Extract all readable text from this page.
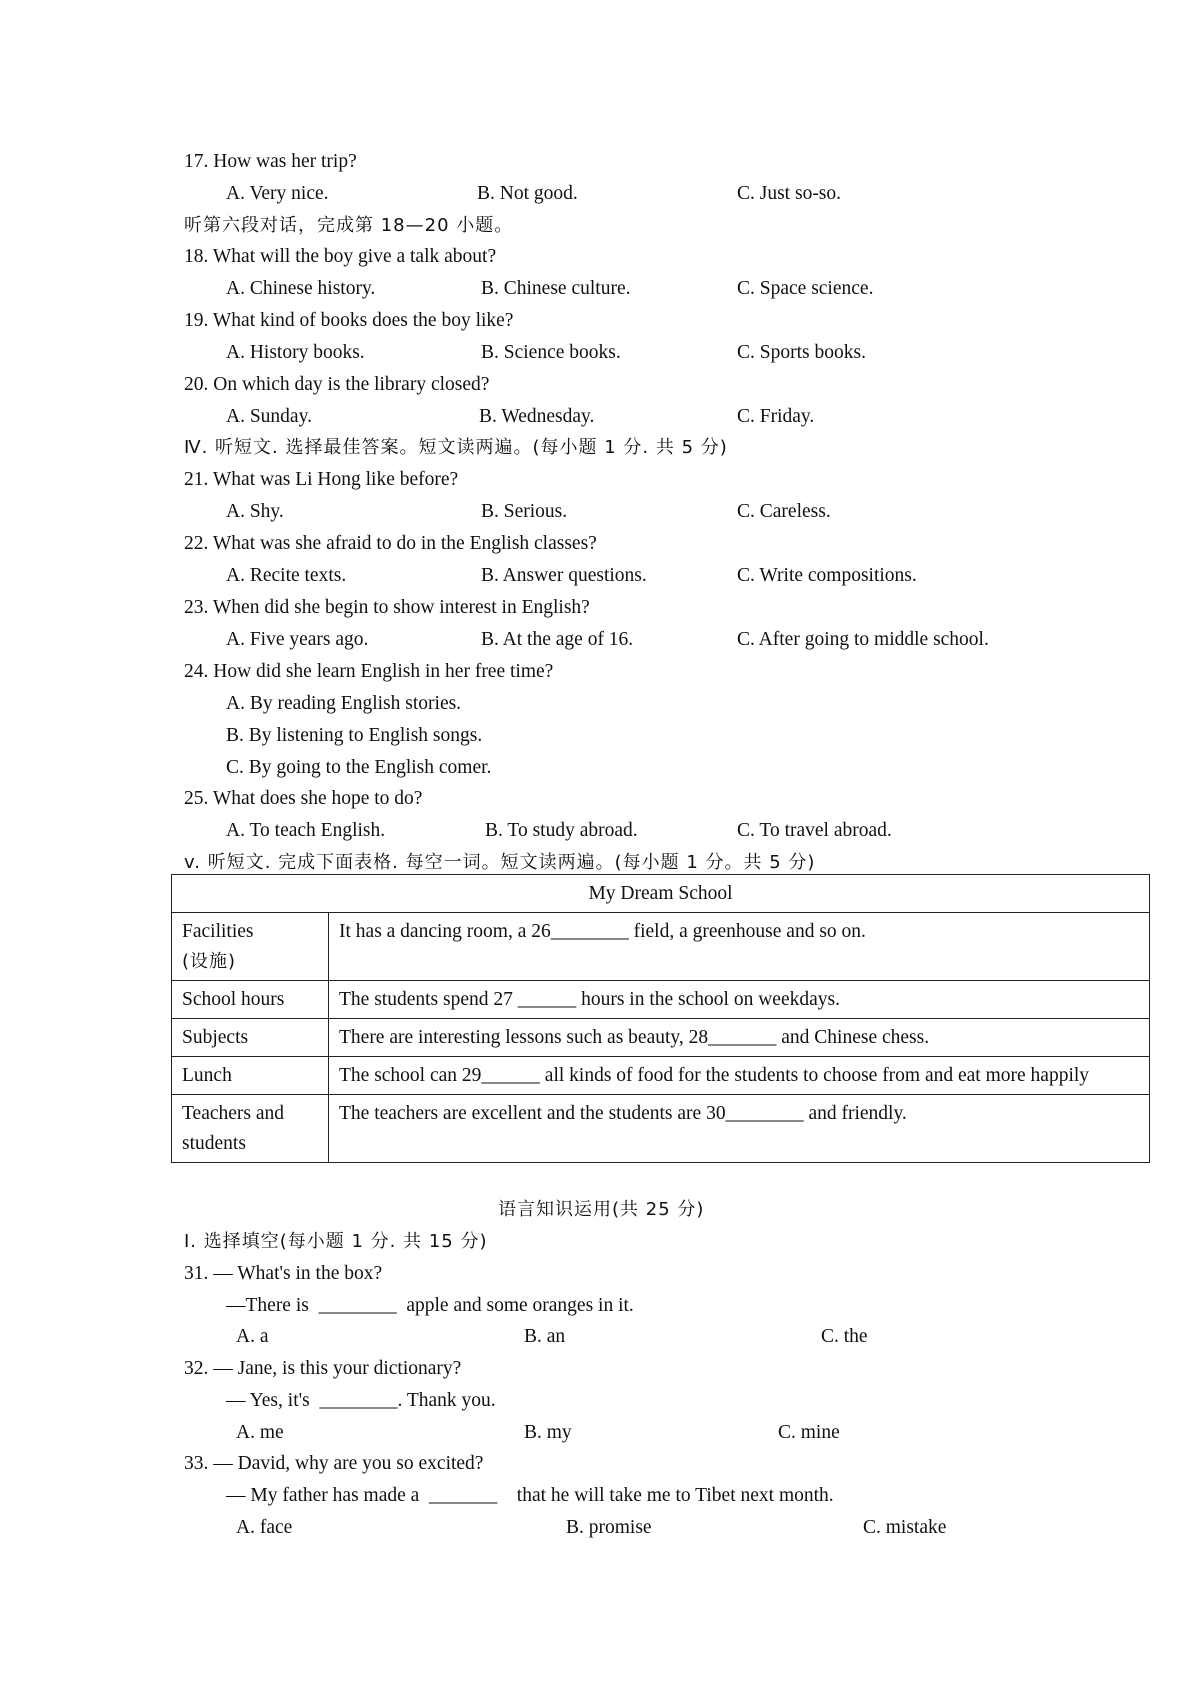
17. How was her trip?
A. Very nice.	B. Not good.	C. Just so-so.
听第六段对话，完成第 18—20 小题。
18. What will the boy give a talk about?
A. Chinese history.	B. Chinese culture.	C. Space science.
19. What kind of books does the boy like?
A. History books.	B. Science books.	C. Sports books.
20. On which day is the library closed?
A. Sunday.	B. Wednesday.	C. Friday.
Ⅳ. 听短文. 选择最佳答案。短文读两遍。(每小题 1 分. 共 5 分)
21. What was Li Hong like before?
A. Shy.	B. Serious.	C. Careless.
22. What was she afraid to do in the English classes?
A. Recite texts.	B. Answer questions.	C. Write compositions.
23. When did she begin to show interest in English?
A. Five years ago.	B. At the age of 16.	C. After going to middle school.
24. How did she learn English in her free time?
A. By reading English stories.
B. By listening to English songs.
C. By going to the English comer.
25. What does she hope to do?
A. To teach English.	B. To study abroad.	C. To travel abroad.
v. 听短文. 完成下面表格. 每空一词。短文读两遍。(每小题 1 分。共 5 分)
My Dream School	
Facilities
(设施)	It has a dancing room, a 26________ field, a greenhouse and so on.
School hours	The students spend 27 ______ hours in the school on weekdays.
Subjects	There are interesting lessons such as beauty, 28_______ and Chinese chess.
Lunch	The school can 29______ all kinds of food for the students to choose from and eat more happily
Teachers and
students	The teachers are excellent and the students are 30________ and friendly.
语言知识运用(共 25 分)
I. 选择填空(每小题 1 分. 共 15 分)
31. — What's in the box?
—There is  ________  apple and some oranges in it.
A. a	B. an	C. the
32. — Jane, is this your dictionary?
— Yes, it's  ________. Thank you.
A. me	B. my	C. mine
33. — David, why are you so excited?
— My father has made a  _______    that he will take me to Tibet next month.
A. face	B. promise	C. mistake
